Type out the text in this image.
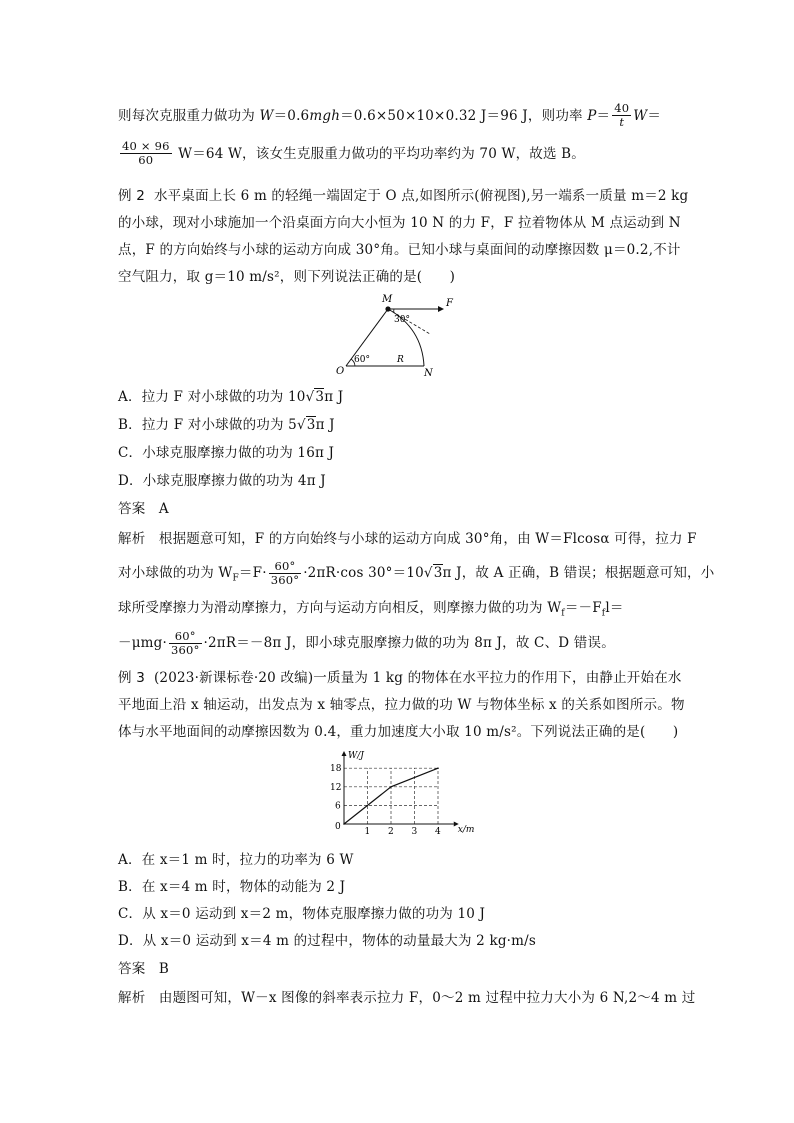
则每次克服重力做功为 W＝0.6mgh＝0.6×50×10×0.32 J＝96 J，则功率 $P= \frac{40}{t} W=$
$\frac{40 \times 96}{60} W=64$ W，该女生克服重力做功的平均功率约为 70 W，故选 B。
例 2 水平桌面上长 6 m 的轻绳一端固定于 O 点,如图所示(俯视图),另一端系一质量 m＝2 kg
的小球，现对小球施加一个沿桌面方向大小恒为 10 N 的力 F，F 拉着物体从 M 点运动到 N
点，F 的方向始终与小球的运动方向成 30°角。已知小球与桌面间的动摩擦因数 μ＝0.2,不计
空气阻力，取 g＝10 m/s²，则下列说法正确的是(　　)
M	F
30°
O
60°	R
N
A．拉力 F 对小球做的功为 10√3π J
B．拉力 F 对小球做的功为 5√3π J
C．小球克服摩擦力做的功为 16π J
D．小球克服摩擦力做的功为 4π J
答案 A
解析 根据题意可知，F 的方向始终与小球的运动方向成 30°角，由 W＝Flcosα 可得，拉力 F
对小球做的功为 $W_F=F\cdot \frac{60^\circ}{360^\circ} \cdot 2\pi R\cdot\cos$ 30°＝10√3π J，故 A 正确，B 错误；根据题意可知，小
球所受摩擦力为滑动摩擦力，方向与运动方向相反，则摩擦力做的功为 $W_f=-F_fl=$
$-\mu mg\cdot \frac{60^\circ}{360^\circ} \cdot 2\pi R=-8\pi$ J，即小球克服摩擦力做的功为 8π J，故 C、D 错误。
例 3 (2023·新课标卷·20 改编)一质量为 1 kg 的物体在水平拉力的作用下，由静止开始在水
平地面上沿 x 轴运动，出发点为 x 轴零点，拉力做的功 W 与物体坐标 x 的关系如图所示。物
体与水平地面间的动摩擦因数为 0.4，重力加速度大小取 10 m/s²。下列说法正确的是(　　)
1 2 3 4
0
6
12
18
x/m
W/J
A．在 x＝1 m 时，拉力的功率为 6 W
B．在 x＝4 m 时，物体的动能为 2 J
C．从 x＝0 运动到 x＝2 m，物体克服摩擦力做的功为 10 J
D．从 x＝0 运动到 x＝4 m 的过程中，物体的动量最大为 2 kg·m/s
答案 B
解析 由题图可知，W－x 图像的斜率表示拉力 F，0～2 m 过程中拉力大小为 6 N,2～4 m 过
